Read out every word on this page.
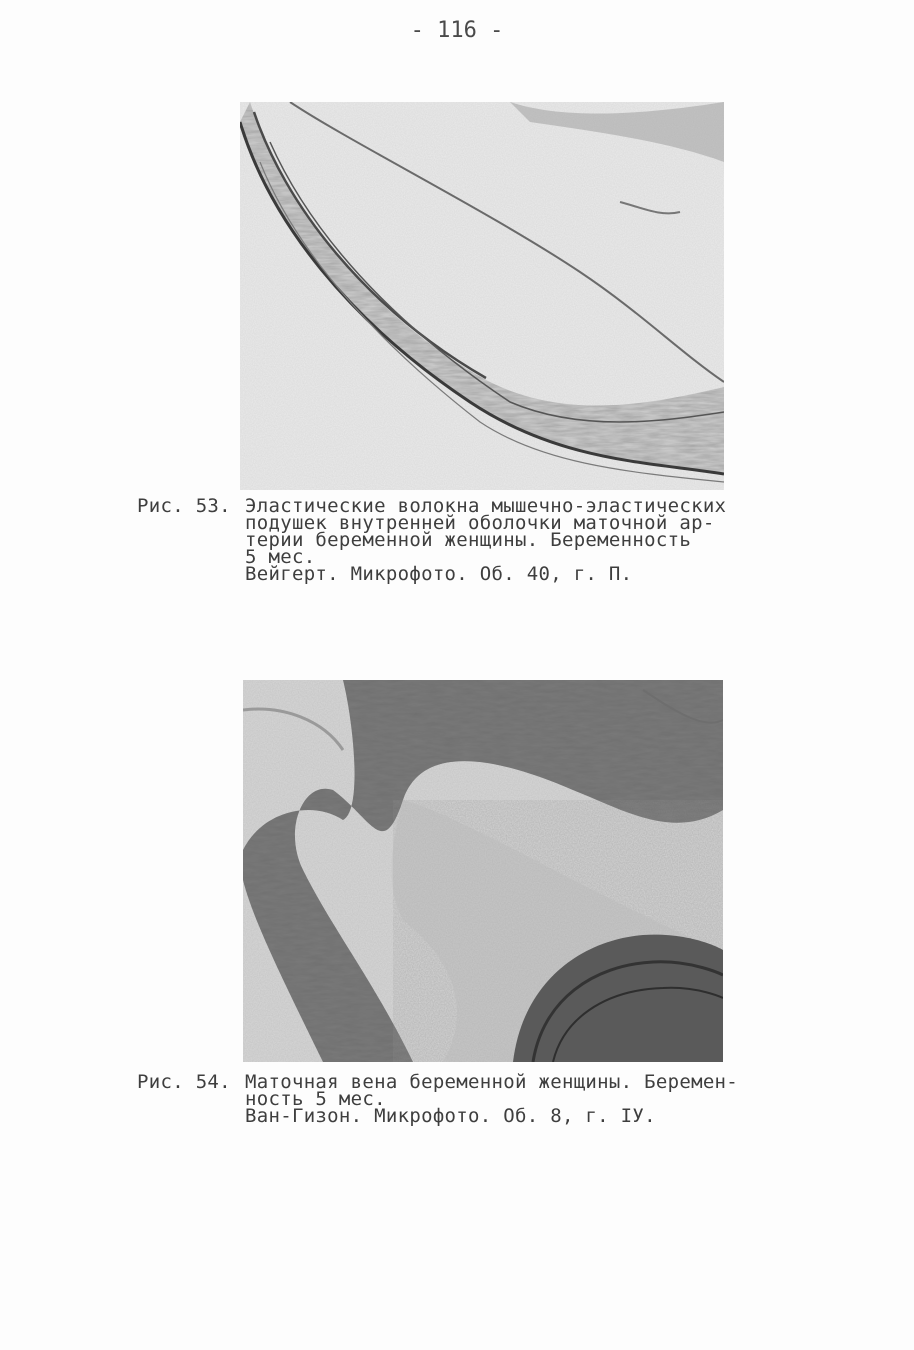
- 116 -
Рис. 53. Эластические волокна мышечно-эластических
подушек внутренней оболочки маточной ар-
терии беременной женщины. Беременность
5 мес.
Вейгерт. Микрофото. Об. 40, г. П.
Рис. 54. Маточная вена беременной женщины. Беремен-
ность 5 мес.
Ван-Гизон. Микрофото. Об. 8, г. IУ.
